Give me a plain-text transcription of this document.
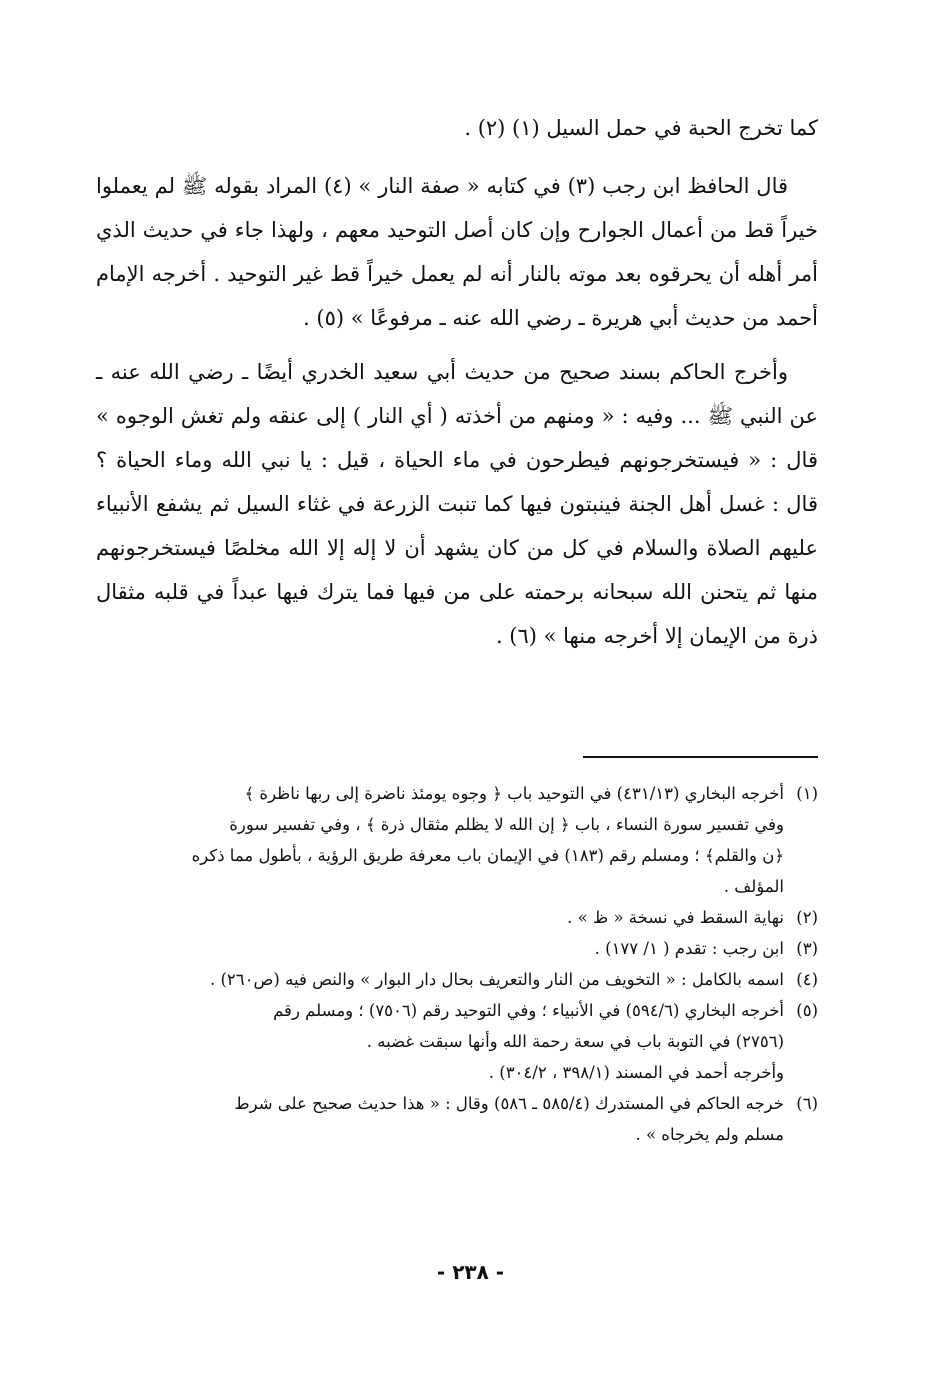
كما تخرج الحبة في حمل السيل (١) (٢) .

قال الحافظ ابن رجب (٣) في كتابه « صفة النار » (٤) المراد بقوله ﷺ لم يعملوا خيراً قط من أعمال الجوارح وإن كان أصل التوحيد معهم ، ولهذا جاء في حديث الذي أمر أهله أن يحرقوه بعد موته بالنار أنه لم يعمل خيراً قط غير التوحيد . أخرجه الإمام أحمد من حديث أبي هريرة ـ رضي الله عنه ـ مرفوعًا » (٥) .

وأخرج الحاكم بسند صحيح من حديث أبي سعيد الخدري أيضًا ـ رضي الله عنه ـ عن النبي ﷺ ... وفيه : « ومنهم من أخذته ( أي النار ) إلى عنقه ولم تغش الوجوه » قال : « فيستخرجونهم فيطرحون في ماء الحياة ، قيل : يا نبي الله وماء الحياة ؟ قال : غسل أهل الجنة فينبتون فيها كما تنبت الزرعة في غثاء السيل ثم يشفع الأنبياء عليهم الصلاة والسلام في كل من كان يشهد أن لا إله إلا الله مخلصًا فيستخرجونهم منها ثم يتحنن الله سبحانه برحمته على من فيها فما يترك فيها عبداً في قلبه مثقال ذرة من الإيمان إلا أخرجه منها » (٦) .

(١)
أخرجه البخاري (٤٣١/١٣) في التوحيد باب ﴿ وجوه يومئذ ناضرة إلى ربها ناظرة ﴾
وفي تفسير سورة النساء ، باب ﴿ إن الله لا يظلم مثقال ذرة ﴾ ، وفي تفسير سورة
﴿ن والقلم﴾ ؛ ومسلم رقم (١٨٣) في الإيمان باب معرفة طريق الرؤية ، بأطول مما ذكره
المؤلف .
(٢)
نهاية السقط في نسخة « ظ » .
(٣)
ابن رجب : تقدم ( ١/ ١٧٧) .
(٤)
اسمه بالكامل : « التخويف من النار والتعريف بحال دار البوار » والنص فيه (ص٢٦٠) .
(٥)
أخرجه البخاري (٥٩٤/٦) في الأنبياء ؛ وفي التوحيد رقم (٧٥٠٦) ؛ ومسلم رقم
(٢٧٥٦) في التوبة باب في سعة رحمة الله وأنها سبقت غضبه .
وأخرجه أحمد في المسند (٣٩٨/١ ، ٣٠٤/٢) .
(٦)
خرجه الحاكم في المستدرك (٥٨٥/٤ ـ ٥٨٦) وقال : « هذا حديث صحيح على شرط
مسلم ولم يخرجاه » .
- ٢٣٨ -
